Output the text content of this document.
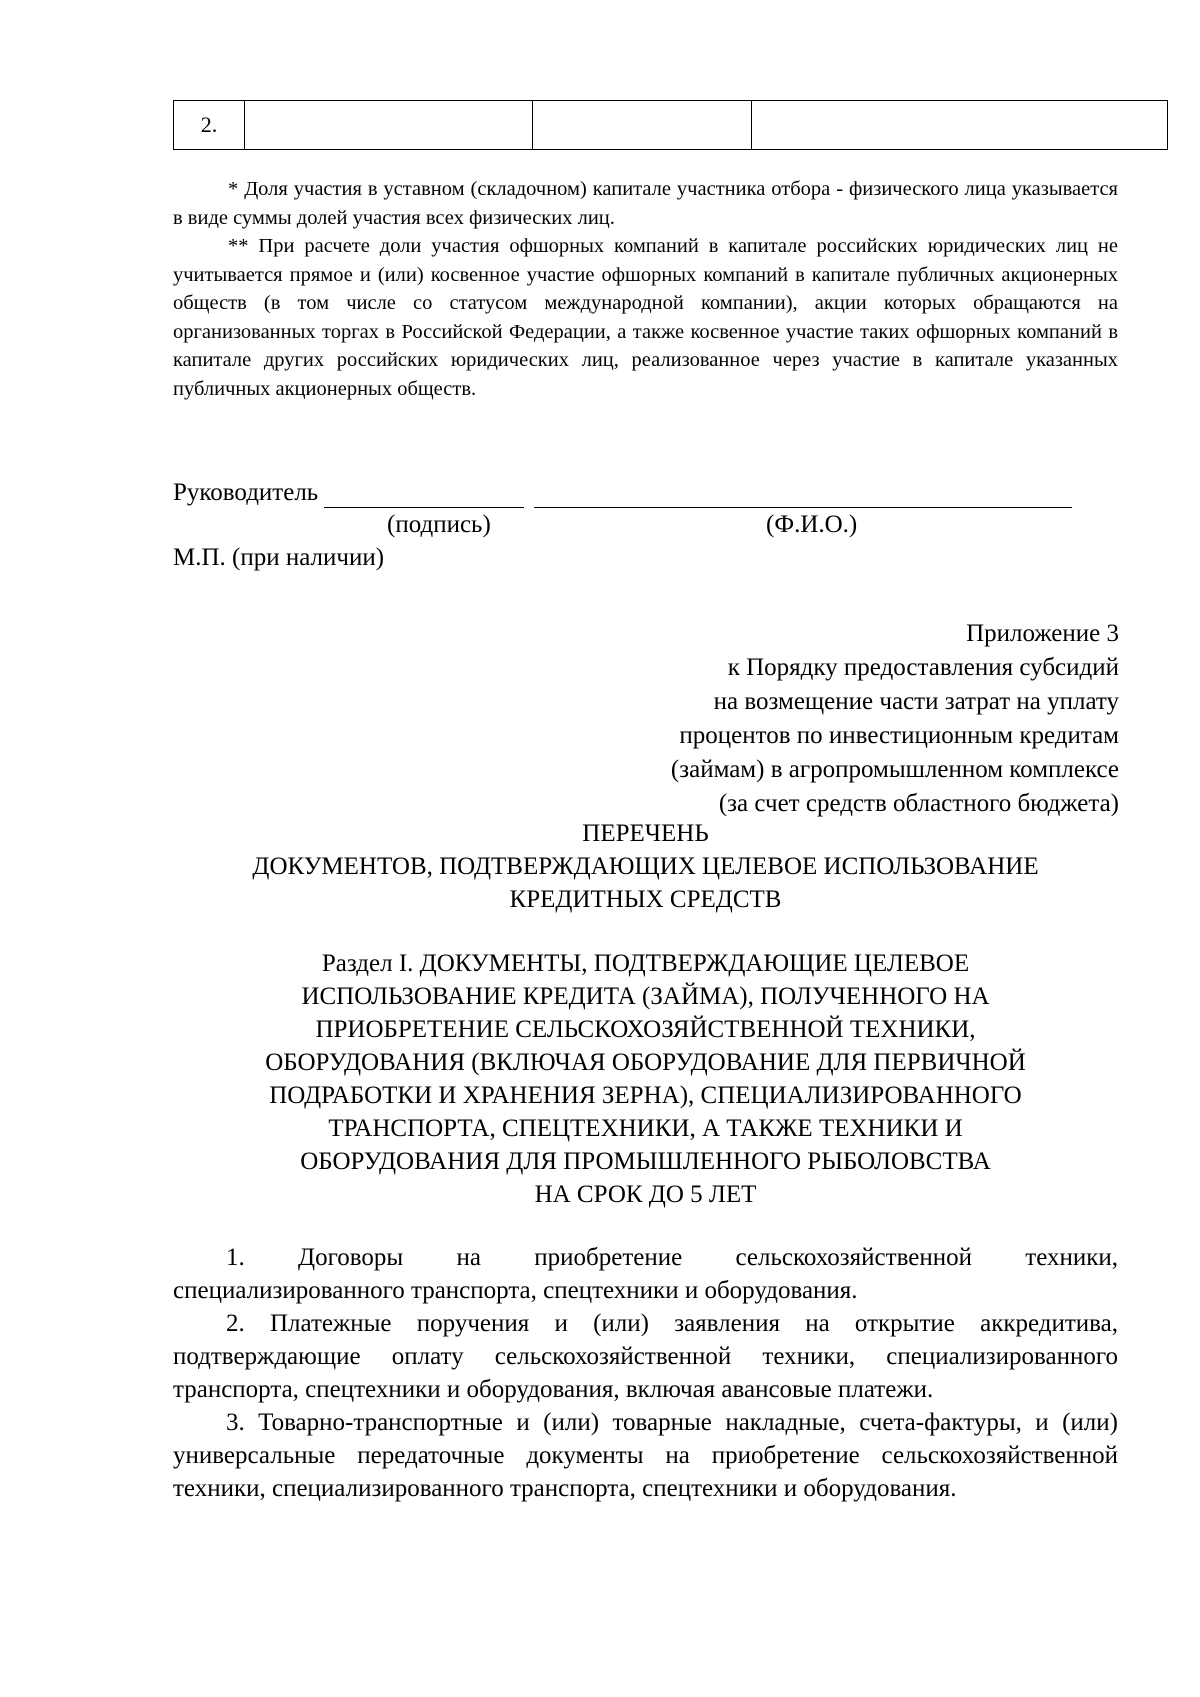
2.			

* Доля участия в уставном (складочном) капитале участника отбора - физического лица указывается в виде суммы долей участия всех физических лиц.

** При расчете доли участия офшорных компаний в капитале российских юридических лиц не учитывается прямое и (или) косвенное участие офшорных компаний в капитале публичных акционерных обществ (в том числе со статусом международной компании), акции которых обращаются на организованных торгах в Российской Федерации, а также косвенное участие таких офшорных компаний в капитале других российских юридических лиц, реализованное через участие в капитале указанных публичных акционерных обществ.

Руководитель
(подпись)	(Ф.И.О.)
М.П. (при наличии)
Приложение 3
к Порядку предоставления субсидий
на возмещение части затрат на уплату
процентов по инвестиционным кредитам
(займам) в агропромышленном комплексе
(за счет средств областного бюджета)
ПЕРЕЧЕНЬ
ДОКУМЕНТОВ, ПОДТВЕРЖДАЮЩИХ ЦЕЛЕВОЕ ИСПОЛЬЗОВАНИЕ
КРЕДИТНЫХ СРЕДСТВ
Раздел I. ДОКУМЕНТЫ, ПОДТВЕРЖДАЮЩИЕ ЦЕЛЕВОЕ
ИСПОЛЬЗОВАНИЕ КРЕДИТА (ЗАЙМА), ПОЛУЧЕННОГО НА
ПРИОБРЕТЕНИЕ СЕЛЬСКОХОЗЯЙСТВЕННОЙ ТЕХНИКИ,
ОБОРУДОВАНИЯ (ВКЛЮЧАЯ ОБОРУДОВАНИЕ ДЛЯ ПЕРВИЧНОЙ
ПОДРАБОТКИ И ХРАНЕНИЯ ЗЕРНА), СПЕЦИАЛИЗИРОВАННОГО
ТРАНСПОРТА, СПЕЦТЕХНИКИ, А ТАКЖЕ ТЕХНИКИ И
ОБОРУДОВАНИЯ ДЛЯ ПРОМЫШЛЕННОГО РЫБОЛОВСТВА
НА СРОК ДО 5 ЛЕТ

1. Договоры на приобретение сельскохозяйственной техники, специализированного транспорта, спецтехники и оборудования.

2. Платежные поручения и (или) заявления на открытие аккредитива, подтверждающие оплату сельскохозяйственной техники, специализированного транспорта, спецтехники и оборудования, включая авансовые платежи.

3. Товарно-транспортные и (или) товарные накладные, счета-фактуры, и (или) универсальные передаточные документы на приобретение сельскохозяйственной техники, специализированного транспорта, спецтехники и оборудования.
